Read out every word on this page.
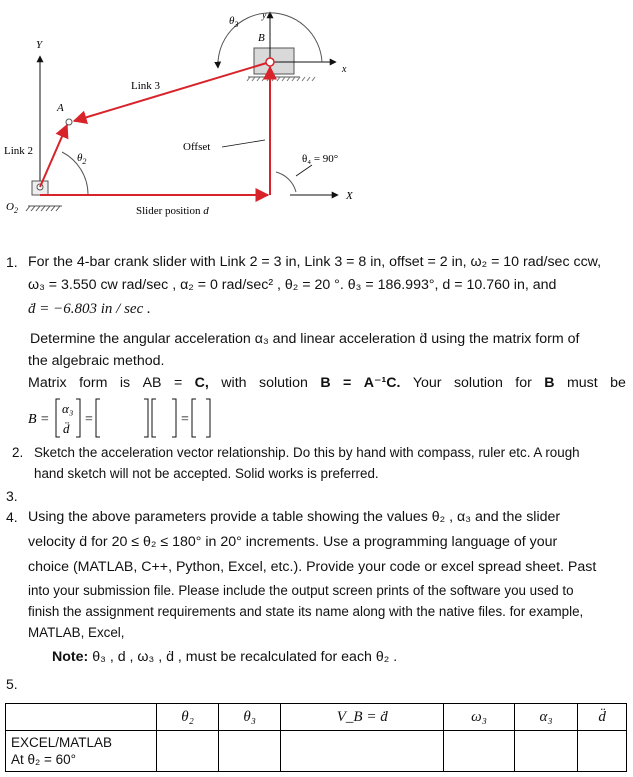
Y
X
y
x
$\theta_3$
Link 2
Link 3
A
B
$O_2$
$\theta_2$
Offset
θ₄ = 90°
Slider position d
1. For the 4-bar crank slider with Link 2 = 3 in, Link 3 = 8 in, offset = 2 in, ω₂ = 10 rad/sec ccw,
ω₃ = 3.550 cw rad/sec , α₂ = 0 rad/sec² , θ₂ = 20 °. θ₃ = 186.993°, d = 10.760 in, and
ḋ = −6.803 in / sec .
Determine the angular acceleration α₃ and linear acceleration d̈ using the matrix form of
the algebraic method.
Matrix form is AB = C, with solution B = A⁻¹C. Your solution for B must be
B =
α₃
d̈
=	=
2. Sketch the acceleration vector relationship. Do this by hand with compass, ruler etc. A rough
hand sketch will not be accepted. Solid works is preferred.
3.
4. Using the above parameters provide a table showing the values θ₂ , α₃ and the slider
velocity ḋ for 20 ≤ θ₂ ≤ 180° in 20° increments. Use a programming language of your
choice (MATLAB, C++, Python, Excel, etc.). Provide your code or excel spread sheet. Past
into your submission file. Please include the output screen prints of the software you used to
finish the assignment requirements and state its name along with the native files. for example,
MATLAB, Excel,
Note: θ₃ , d , ω₃ , ḋ , must be recalculated for each θ₂ .
5.
	θ₂	θ₃	V_B = ḋ	ω₃	α₃	d̈

EXCEL/MATLAB
At θ₂ = 60°						
